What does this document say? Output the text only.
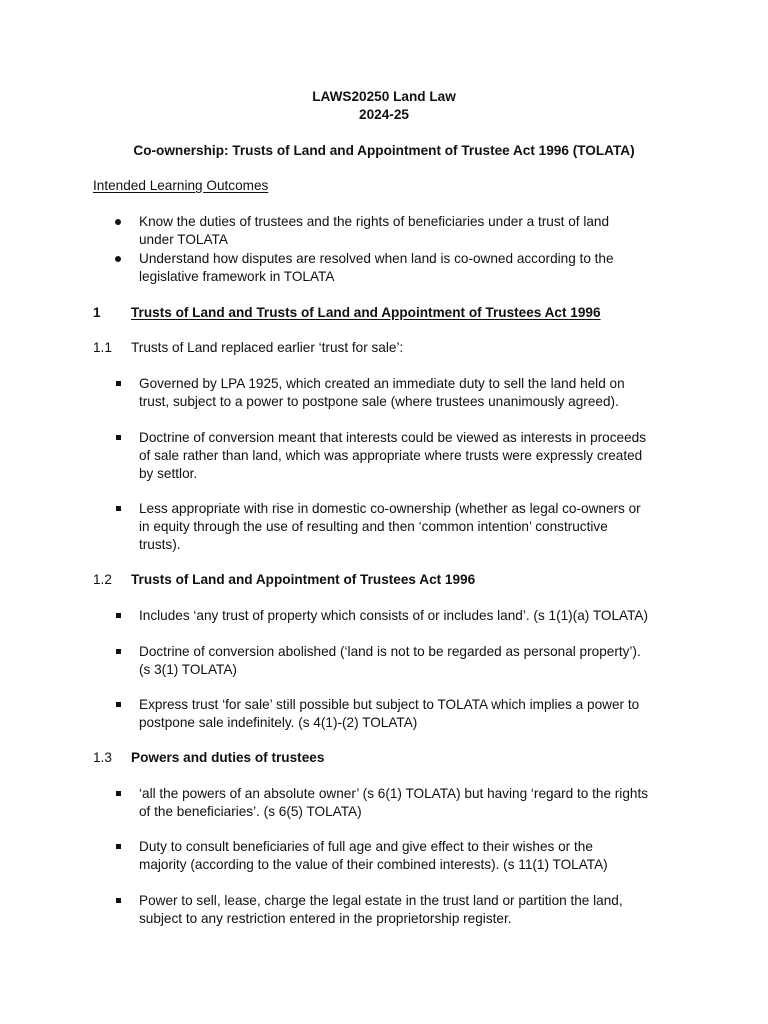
LAWS20250 Land Law
2024-25
Co-ownership: Trusts of Land and Appointment of Trustee Act 1996 (TOLATA)
Intended Learning Outcomes
Know the duties of trustees and the rights of beneficiaries under a trust of land
under TOLATA
Understand how disputes are resolved when land is co-owned according to the
legislative framework in TOLATA
1 Trusts of Land and Trusts of Land and Appointment of Trustees Act 1996
1.1 Trusts of Land replaced earlier ‘trust for sale’:
Governed by LPA 1925, which created an immediate duty to sell the land held on
trust, subject to a power to postpone sale (where trustees unanimously agreed).
Doctrine of conversion meant that interests could be viewed as interests in proceeds
of sale rather than land, which was appropriate where trusts were expressly created
by settlor.
Less appropriate with rise in domestic co-ownership (whether as legal co-owners or
in equity through the use of resulting and then ‘common intention’ constructive
trusts).
1.2 Trusts of Land and Appointment of Trustees Act 1996
Includes ‘any trust of property which consists of or includes land’. (s 1(1)(a) TOLATA)
Doctrine of conversion abolished (‘land is not to be regarded as personal property’).
(s 3(1) TOLATA)
Express trust ‘for sale’ still possible but subject to TOLATA which implies a power to
postpone sale indefinitely. (s 4(1)-(2) TOLATA)
1.3 Powers and duties of trustees
‘all the powers of an absolute owner’ (s 6(1) TOLATA) but having ‘regard to the rights
of the beneficiaries’. (s 6(5) TOLATA)
Duty to consult beneficiaries of full age and give effect to their wishes or the
majority (according to the value of their combined interests). (s 11(1) TOLATA)
Power to sell, lease, charge the legal estate in the trust land or partition the land,
subject to any restriction entered in the proprietorship register.
